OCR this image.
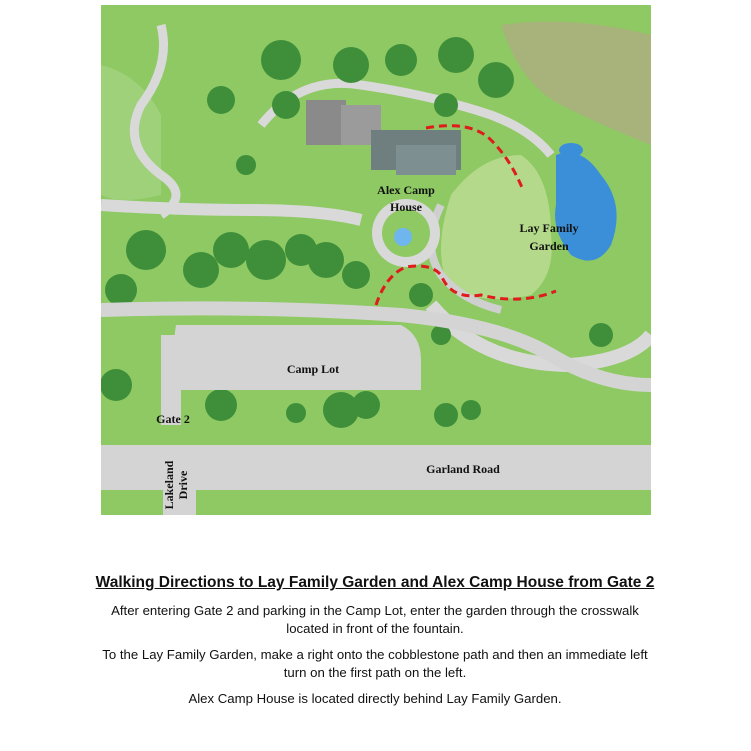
Alex Camp
House
Lay Family
Garden
Camp Lot
Gate 2
Garland Road
Lakeland Drive
Walking Directions to Lay Family Garden and Alex Camp House from Gate 2

After entering Gate 2 and parking in the Camp Lot, enter the garden through the crosswalk located in front of the fountain.

To the Lay Family Garden, make a right onto the cobblestone path and then an immediate left turn on the first path on the left.

Alex Camp House is located directly behind Lay Family Garden.
